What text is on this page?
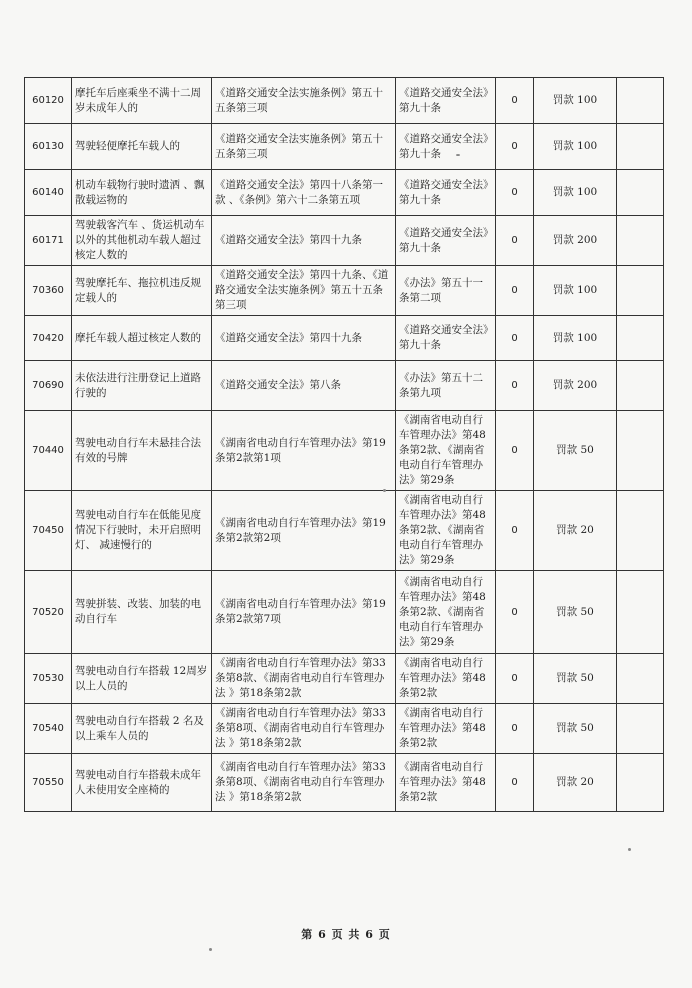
60120	摩托车后座乘坐不满十二周岁未成年人的	《道路交通安全法实施条例》第五十五条第三项	《道路交通安全法》第九十条	0	罚款 100	
60130	驾驶轻便摩托车载人的	《道路交通安全法实施条例》第五十五条第三项	《道路交通安全法》第九十条	0	罚款 100	
60140	机动车载物行驶时遗洒 、飘散载运物的	《道路交通安全法》第四十八条第一款 、《条例》第六十二条第五项	《道路交通安全法》第九十条	0	罚款 100	
60171	驾驶载客汽车 、货运机动车以外的其他机动车载人超过核定人数的	《道路交通安全法》第四十九条	《道路交通安全法》第九十条	0	罚款 200	
70360	驾驶摩托车、拖拉机违反规定载人的	《道路交通安全法》第四十九条、《道路交通安全法实施条例》第五十五条第三项	《办法》第五十一条第二项	0	罚款 100	
70420	摩托车载人超过核定人数的	《道路交通安全法》第四十九条	《道路交通安全法》第九十条	0	罚款 100	
70690	未依法进行注册登记上道路行驶的	《道路交通安全法》第八条	《办法》第五十二条第九项	0	罚款 200	
70440	驾驶电动自行车未悬挂合法有效的号牌	《湖南省电动自行车管理办法》第19条第2款第1项	《湖南省电动自行车管理办法》第48条第2款、《湖南省电动自行车管理办法》第29条	0	罚款 50	
70450	驾驶电动自行车在低能见度情况下行驶时，未开启照明灯、 减速慢行的	《湖南省电动自行车管理办法》第19条第2款第2项	《湖南省电动自行车管理办法》第48条第2款、《湖南省电动自行车管理办法》第29条	0	罚款 20	
70520	驾驶拼装、改装、加装的电动自行车	《湖南省电动自行车管理办法》第19条第2款第7项	《湖南省电动自行车管理办法》第48条第2款、《湖南省电动自行车管理办法》第29条	0	罚款 50	
70530	驾驶电动自行车搭载 12周岁以上人员的	《湖南省电动自行车管理办法》第33条第8款、《湖南省电动自行车管理办法 》第18条第2款	《湖南省电动自行车管理办法》第48条第2款	0	罚款 50	
70540	驾驶电动自行车搭载 2 名及以上乘车人员的	《湖南省电动自行车管理办法》第33条第8项、《湖南省电动自行车管理办法 》第18条第2款	《湖南省电动自行车管理办法》第48条第2款	0	罚款 50	
70550	驾驶电动自行车搭载未成年人未使用安全座椅的	《湖南省电动自行车管理办法》第33条第8项、《湖南省电动自行车管理办法 》第18条第2款	《湖南省电动自行车管理办法》第48条第2款	0	罚款 20	
第 6 页 共 6 页
